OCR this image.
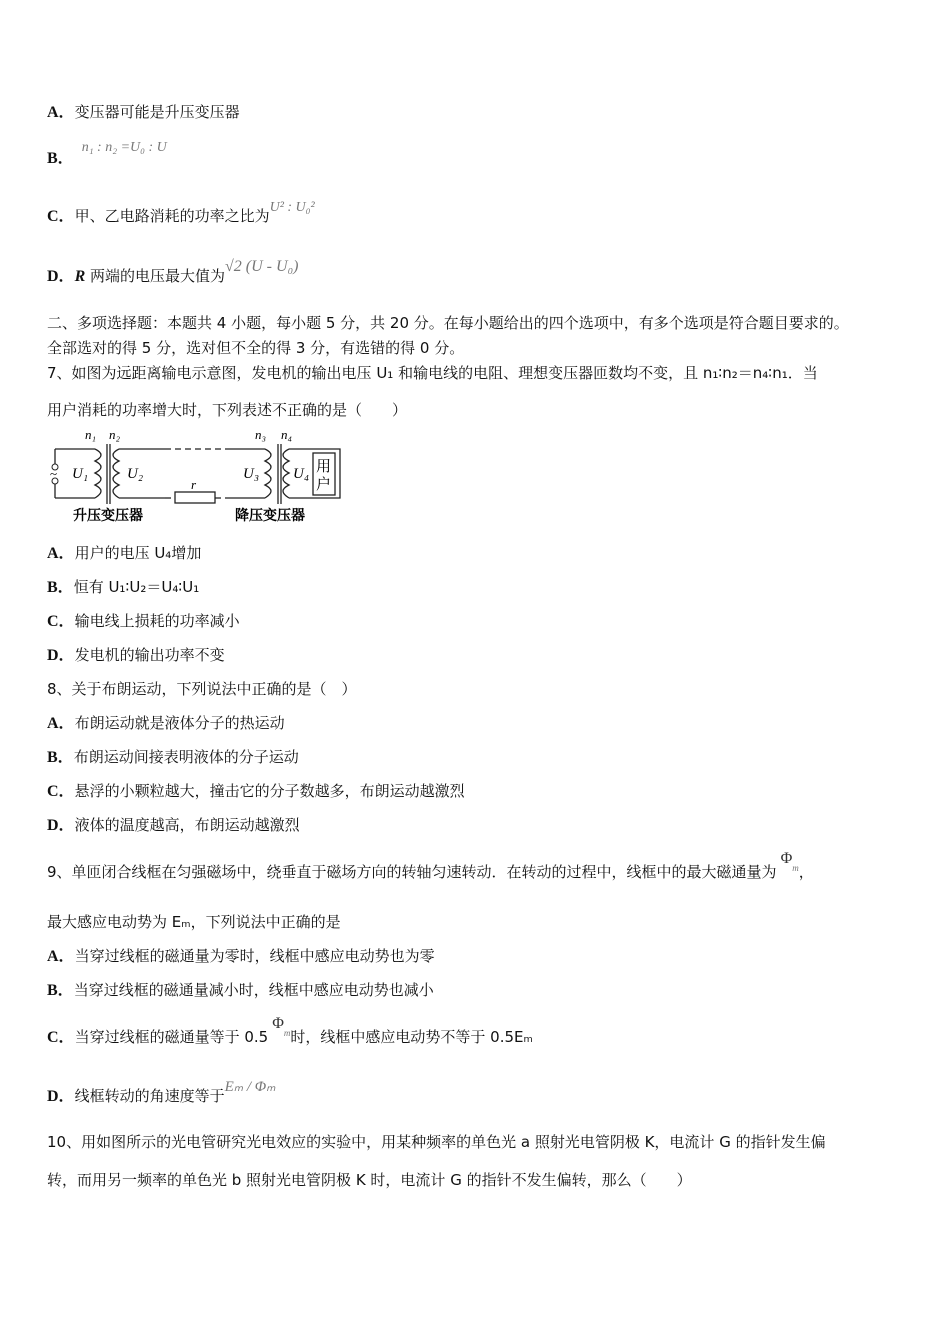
A．变压器可能是升压变压器
B．n₁ : n₂ =U₀ : U
C．甲、乙电路消耗的功率之比为U² : U₀²
D．R 两端的电压最大值为√2 (U - U₀)
二、多项选择题：本题共 4 小题，每小题 5 分，共 20 分。在每小题给出的四个选项中，有多个选项是符合题目要求的。
全部选对的得 5 分，选对但不全的得 3 分，有选错的得 0 分。
7、如图为远距离输电示意图，发电机的输出电压 U₁ 和输电线的电阻、理想变压器匝数均不变，且 n₁∶n₂＝n₄∶n₁．当
用户消耗的功率增大时，下列表述不正确的是（　　）
~
n₁ n₂	n₃ n₄
U₁	U₂	U₃ U₄
r
用
户
升压变压器	降压变压器
A．用户的电压 U₄增加
B．恒有 U₁∶U₂＝U₄∶U₁
C．输电线上损耗的功率减小
D．发电机的输出功率不变
8、关于布朗运动，下列说法中正确的是（　）
A．布朗运动就是液体分子的热运动
B．布朗运动间接表明液体的分子运动
C．悬浮的小颗粒越大，撞击它的分子数越多，布朗运动越激烈
D．液体的温度越高，布朗运动越激烈
9、单匝闭合线框在匀强磁场中，绕垂直于磁场方向的转轴匀速转动．在转动的过程中，线框中的最大磁通量为$\Phi^m$，
最大感应电动势为 Eₘ，下列说法中正确的是
A．当穿过线框的磁通量为零时，线框中感应电动势也为零
B．当穿过线框的磁通量减小时，线框中感应电动势也减小
C．当穿过线框的磁通量等于 $0.5\Phi^m$时，线框中感应电动势不等于 0.5Eₘ
D．线框转动的角速度等于Eₘ / Φₘ
10、用如图所示的光电管研究光电效应的实验中，用某种频率的单色光 a 照射光电管阴极 K，电流计 G 的指针发生偏
转，而用另一频率的单色光 b 照射光电管阴极 K 时，电流计 G 的指针不发生偏转，那么（　　）
